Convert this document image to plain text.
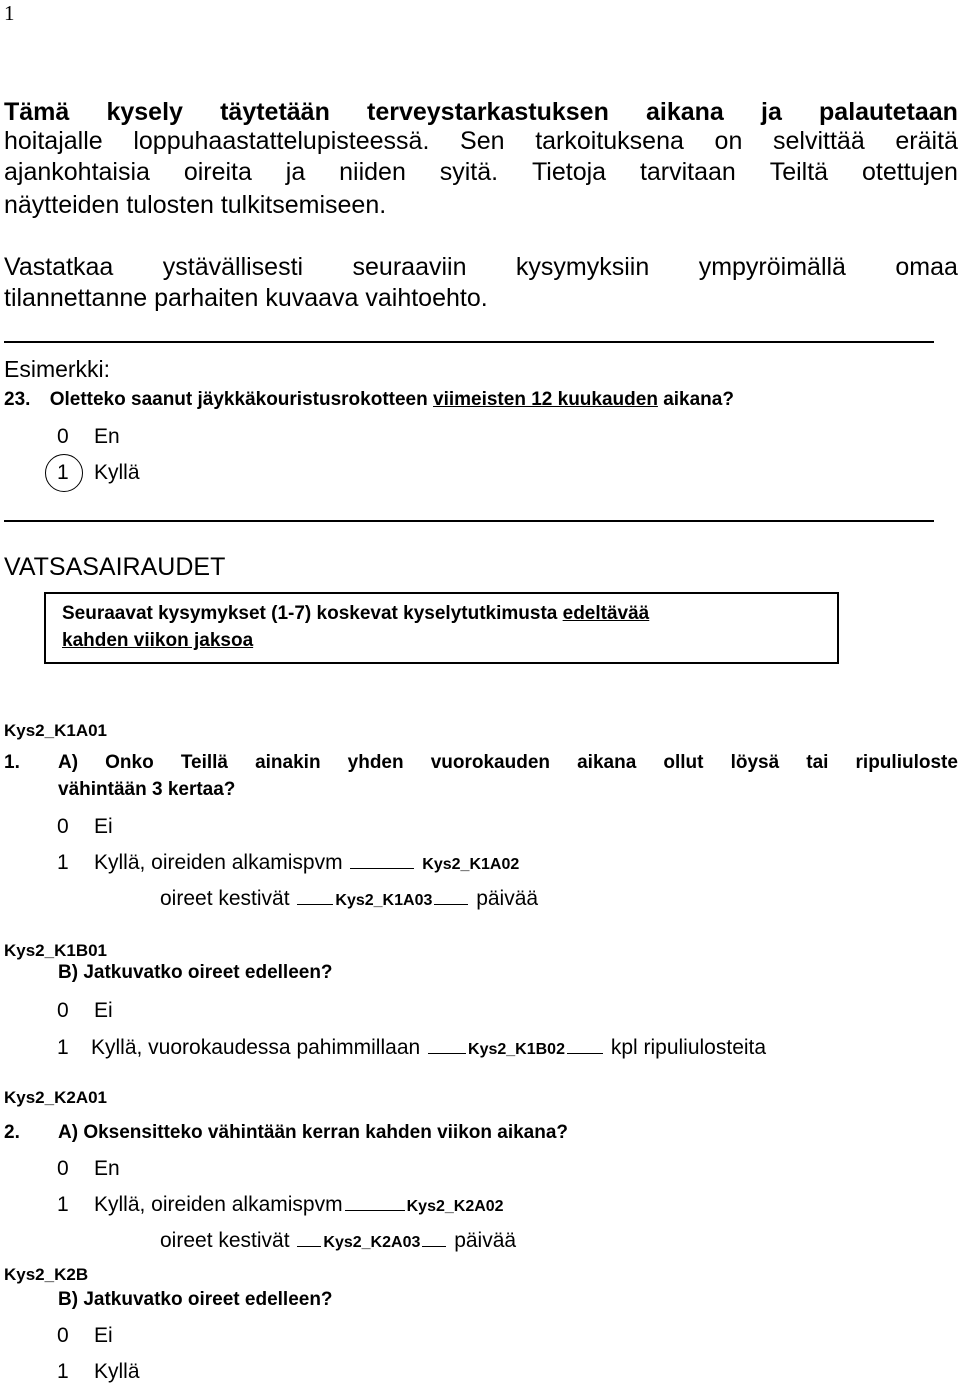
1
Tämä kysely täytetään terveystarkastuksen aikana ja palautetaan
hoitajalle loppuhaastattelupisteessä. Sen tarkoituksena on selvittää eräitä
ajankohtaisia oireita ja niiden syitä. Tietoja tarvitaan Teiltä otettujen
näytteiden tulosten tulkitsemiseen.
Vastatkaa ystävällisesti seuraaviin kysymyksiin ympyröimällä omaa
tilannettanne parhaiten kuvaava vaihtoehto.
Esimerkki:
23. Oletteko saanut jäykkäkouristusrokotteen viimeisten 12 kuukauden aikana?
0 En
1 Kyllä
VATSASAIRAUDET
Seuraavat kysymykset (1-7) koskevat kyselytutkimusta edeltävää
kahden viikon jaksoa
Kys2_K1A01
1. A) Onko Teillä ainakin yhden vuorokauden aikana ollut löysä tai ripuliuloste
vähintään 3 kertaa?
0 Ei
1 Kyllä, oireiden alkamispvm	Kys2_K1A02
oireet kestivät	Kys2_K1A03 päivää
Kys2_K1B01
B) Jatkuvatko oireet edelleen?
0 Ei
1 Kyllä, vuorokaudessa pahimmillaan	Kys2_K1B02 kpl ripuliulosteita
Kys2_K2A01
2. A) Oksensitteko vähintään kerran kahden viikon aikana?
0 En
1 Kyllä, oireiden alkamispvm	Kys2_K2A02
oireet kestivät Kys2_K2A03 päivää
Kys2_K2B
B) Jatkuvatko oireet edelleen?
0 Ei
1 Kyllä
